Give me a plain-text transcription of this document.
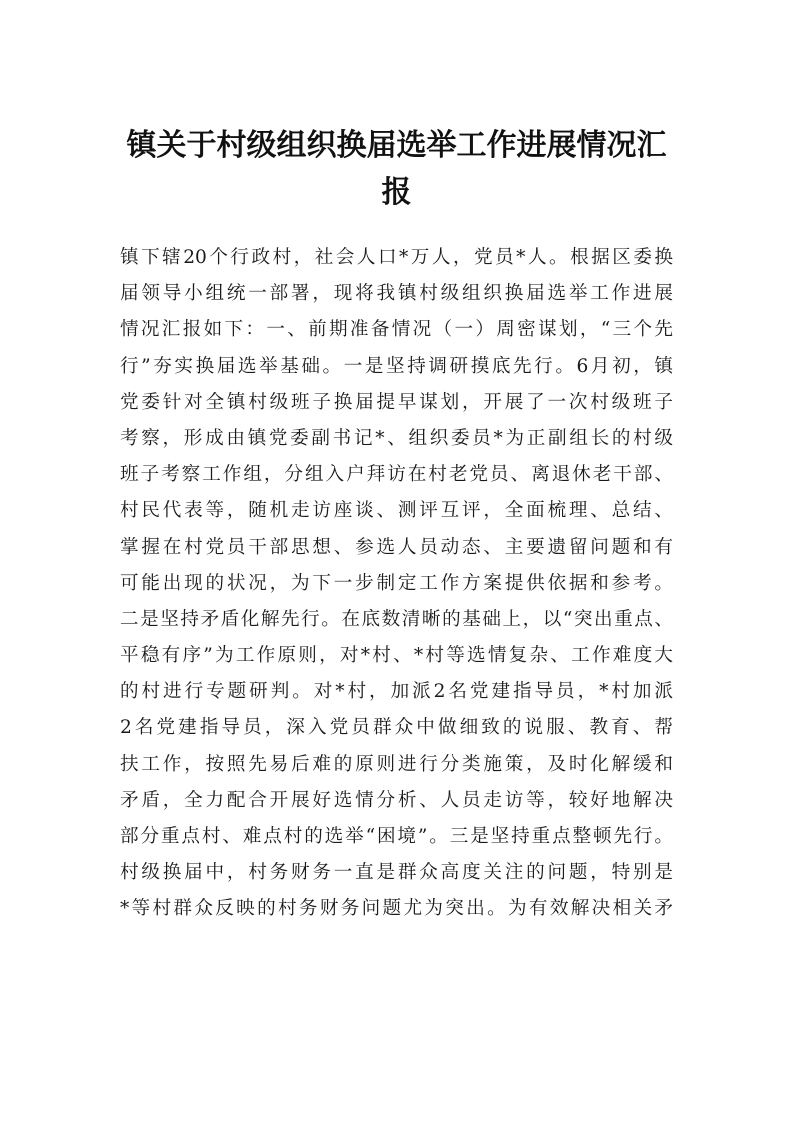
镇关于村级组织换届选举工作进展情况汇
报
镇下辖20个行政村，社会人口*万人，党员*人。根据区委换
届领导小组统一部署，现将我镇村级组织换届选举工作进展
情况汇报如下：一、前期准备情况（一）周密谋划，“三个先
行”夯实换届选举基础。一是坚持调研摸底先行。6月初，镇
党委针对全镇村级班子换届提早谋划，开展了一次村级班子
考察，形成由镇党委副书记*、组织委员*为正副组长的村级
班子考察工作组，分组入户拜访在村老党员、离退休老干部、
村民代表等，随机走访座谈、测评互评，全面梳理、总结、
掌握在村党员干部思想、参选人员动态、主要遗留问题和有
可能出现的状况，为下一步制定工作方案提供依据和参考。
二是坚持矛盾化解先行。在底数清晰的基础上，以“突出重点、
平稳有序”为工作原则，对*村、*村等选情复杂、工作难度大
的村进行专题研判。对*村，加派2名党建指导员，*村加派
2名党建指导员，深入党员群众中做细致的说服、教育、帮
扶工作，按照先易后难的原则进行分类施策，及时化解缓和
矛盾，全力配合开展好选情分析、人员走访等，较好地解决
部分重点村、难点村的选举“困境”。三是坚持重点整顿先行。
村级换届中，村务财务一直是群众高度关注的问题，特别是
*等村群众反映的村务财务问题尤为突出。为有效解决相关矛
